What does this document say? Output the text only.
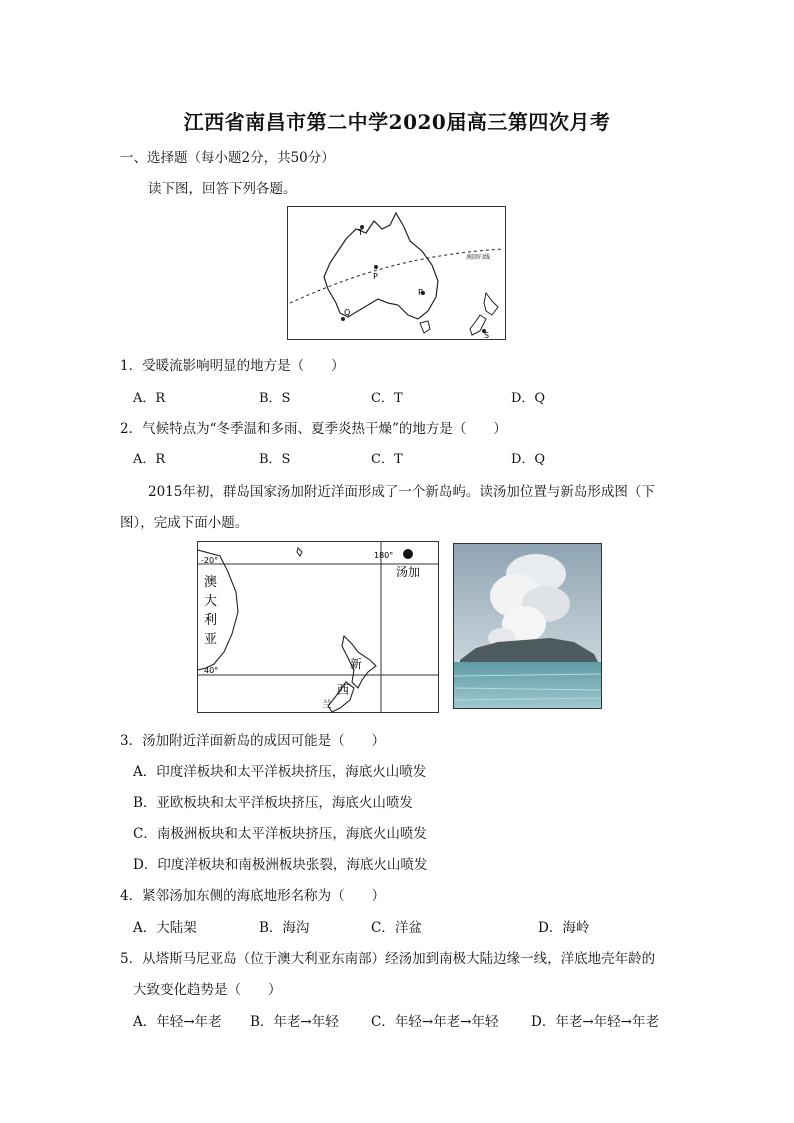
江西省南昌市第二中学2020届高三第四次月考
一、选择题（每小题2分，共50分）
读下图，回答下列各题。
T
P
R
Q
S
南回归线
1．受暖流影响明显的地方是（　　）
A．R	B．S	C．T	D．Q
2．气候特点为“冬季温和多雨、夏季炎热干燥”的地方是（　　）
A．R	B．S	C．T	D．Q
2015年初，群岛国家汤加附近洋面形成了一个新岛屿。读汤加位置与新岛形成图（下
图），完成下面小题。
-20°
40°
180°
汤加
澳
大
利
亚
新
西
兰
3．汤加附近洋面新岛的成因可能是（　　）
A．印度洋板块和太平洋板块挤压，海底火山喷发
B．亚欧板块和太平洋板块挤压，海底火山喷发
C．南极洲板块和太平洋板块挤压，海底火山喷发
D．印度洋板块和南极洲板块张裂，海底火山喷发
4．紧邻汤加东侧的海底地形名称为（　　）
A．大陆架	B．海沟	C．洋盆	D．海岭
5．从塔斯马尼亚岛（位于澳大利亚东南部）经汤加到南极大陆边缘一线，洋底地壳年龄的
大致变化趋势是（　　）
A．年轻→年老 B．年老→年轻 C．年轻→年老→年轻 D．年老→年轻→年老
